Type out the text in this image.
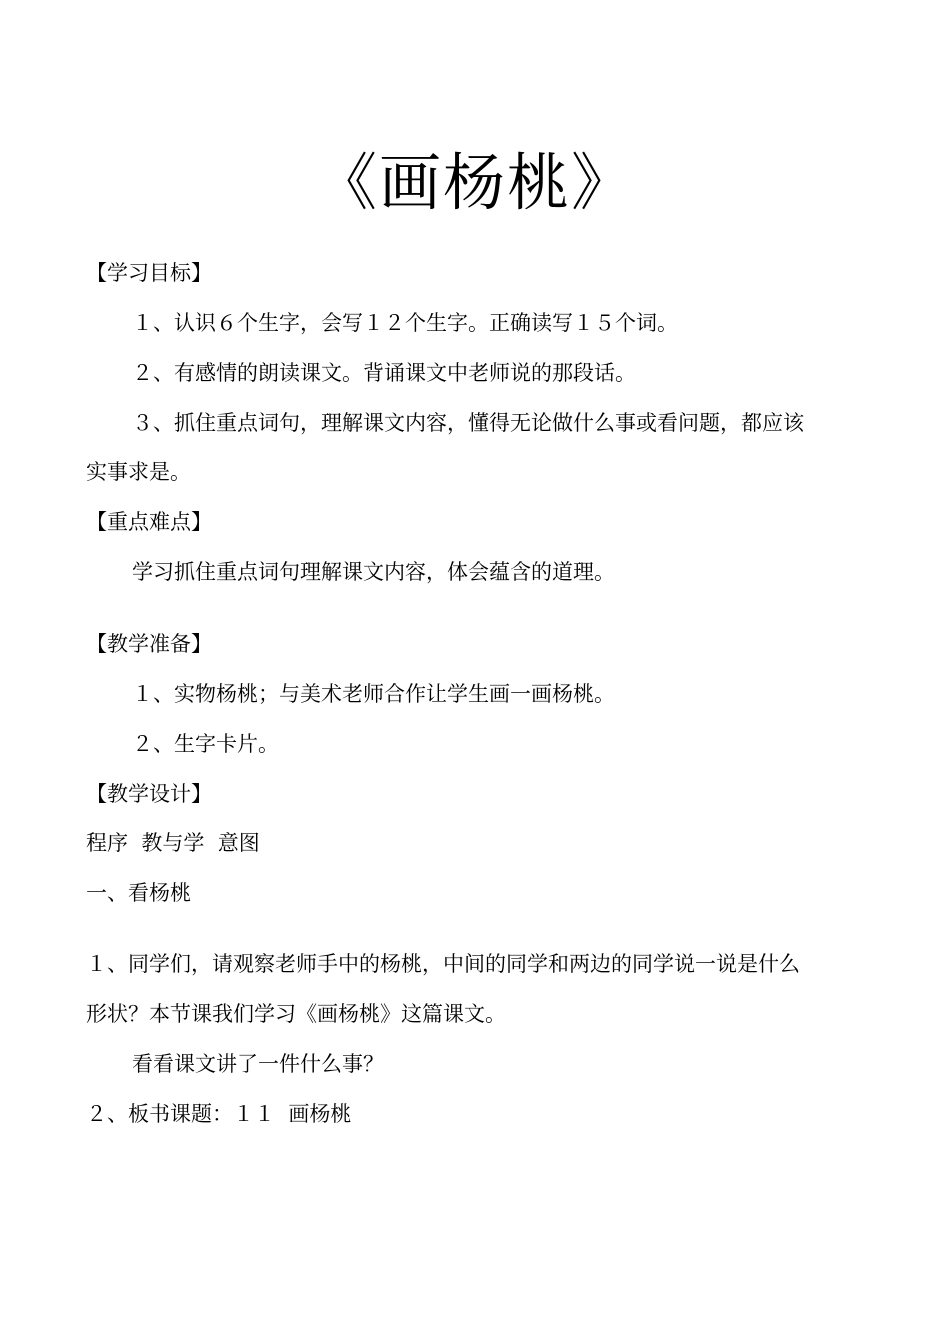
《画杨桃》
【学习目标】
１、认识６个生字，会写１２个生字。正确读写１５个词。
２、有感情的朗读课文。背诵课文中老师说的那段话。
３、抓住重点词句，理解课文内容，懂得无论做什么事或看问题，都应该
实事求是。
【重点难点】
学习抓住重点词句理解课文内容，体会蕴含的道理。
【教学准备】
１、实物杨桃；与美术老师合作让学生画一画杨桃。
２、生字卡片。
【教学设计】
程序  教与学  意图
一、看杨桃
１、同学们，请观察老师手中的杨桃，中间的同学和两边的同学说一说是什么
形状？本节课我们学习《画杨桃》这篇课文。
看看课文讲了一件什么事？
２、板书课题：１１  画杨桃
